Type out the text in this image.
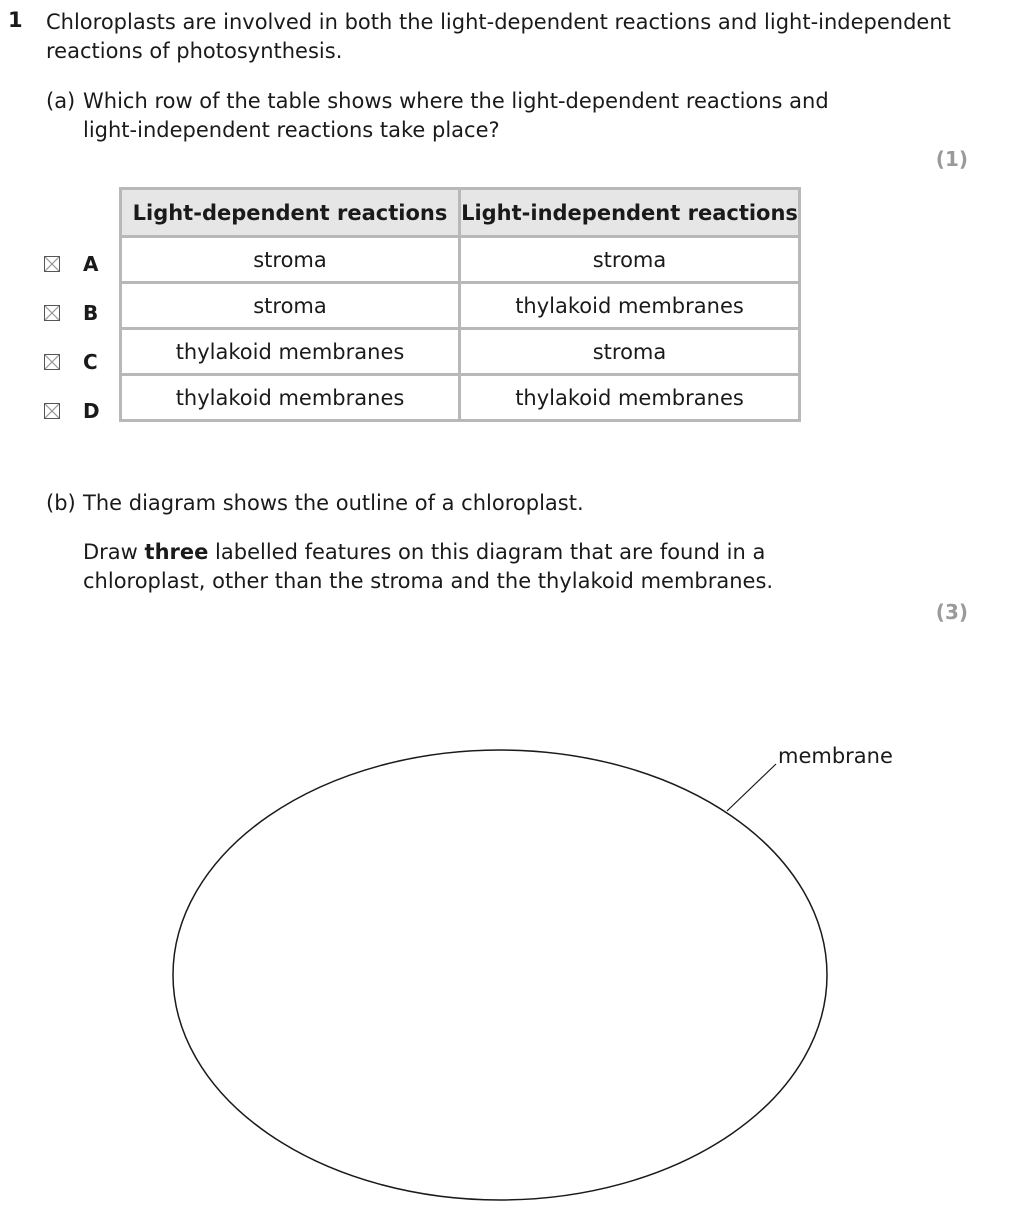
1 Chloroplasts are involved in both the light-dependent reactions and light-independent reactions of photosynthesis.
(a) Which row of the table shows where the light-dependent reactions and light-independent reactions take place?
(1)
A
B
C
D
Light-dependent reactions	Light-independent reactions
stroma	stroma
stroma	thylakoid membranes
thylakoid membranes	stroma
thylakoid membranes	thylakoid membranes
(b) The diagram shows the outline of a chloroplast.
Draw three labelled features on this diagram that are found in a chloroplast, other than the stroma and the thylakoid membranes.
(3)
membrane
